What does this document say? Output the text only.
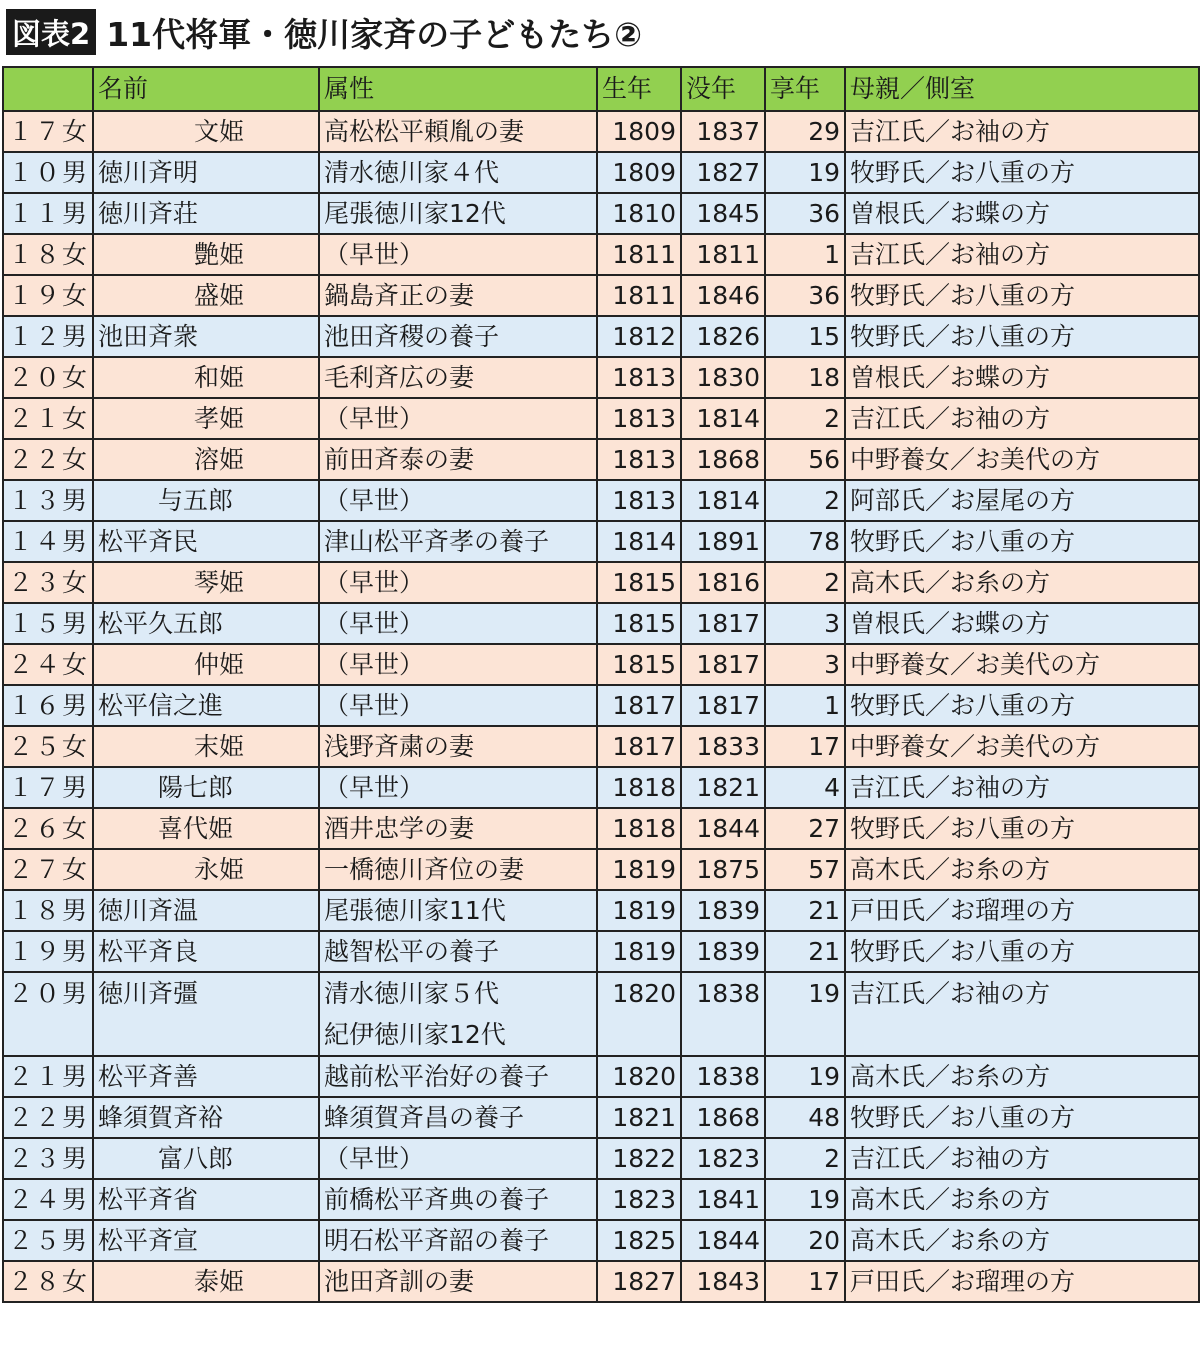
図表2 11代将軍・徳川家斉の子どもたち②
	名前	属性	生年	没年	享年	母親／側室
１７女	文姫	高松松平頼胤の妻	1809	1837	29	吉江氏／お袖の方
１０男	徳川斉明	清水徳川家４代	1809	1827	19	牧野氏／お八重の方
１１男	徳川斉荘	尾張徳川家12代	1810	1845	36	曽根氏／お蝶の方
１８女	艶姫	（早世）	1811	1811	1	吉江氏／お袖の方
１９女	盛姫	鍋島斉正の妻	1811	1846	36	牧野氏／お八重の方
１２男	池田斉衆	池田斉稷の養子	1812	1826	15	牧野氏／お八重の方
２０女	和姫	毛利斉広の妻	1813	1830	18	曽根氏／お蝶の方
２１女	孝姫	（早世）	1813	1814	2	吉江氏／お袖の方
２２女	溶姫	前田斉泰の妻	1813	1868	56	中野養女／お美代の方
１３男	与五郎	（早世）	1813	1814	2	阿部氏／お屋尾の方
１４男	松平斉民	津山松平斉孝の養子	1814	1891	78	牧野氏／お八重の方
２３女	琴姫	（早世）	1815	1816	2	高木氏／お糸の方
１５男	松平久五郎	（早世）	1815	1817	3	曽根氏／お蝶の方
２４女	仲姫	（早世）	1815	1817	3	中野養女／お美代の方
１６男	松平信之進	（早世）	1817	1817	1	牧野氏／お八重の方
２５女	末姫	浅野斉粛の妻	1817	1833	17	中野養女／お美代の方
１７男	陽七郎	（早世）	1818	1821	4	吉江氏／お袖の方
２６女	喜代姫	酒井忠学の妻	1818	1844	27	牧野氏／お八重の方
２７女	永姫	一橋徳川斉位の妻	1819	1875	57	高木氏／お糸の方
１８男	徳川斉温	尾張徳川家11代	1819	1839	21	戸田氏／お瑠理の方
１９男	松平斉良	越智松平の養子	1819	1839	21	牧野氏／お八重の方
２０男	徳川斉彊	清水徳川家５代
紀伊徳川家12代	1820	1838	19	吉江氏／お袖の方
２１男	松平斉善	越前松平治好の養子	1820	1838	19	高木氏／お糸の方
２２男	蜂須賀斉裕	蜂須賀斉昌の養子	1821	1868	48	牧野氏／お八重の方
２３男	富八郎	（早世）	1822	1823	2	吉江氏／お袖の方
２４男	松平斉省	前橋松平斉典の養子	1823	1841	19	高木氏／お糸の方
２５男	松平斉宣	明石松平斉韶の養子	1825	1844	20	高木氏／お糸の方
２８女	泰姫	池田斉訓の妻	1827	1843	17	戸田氏／お瑠理の方
